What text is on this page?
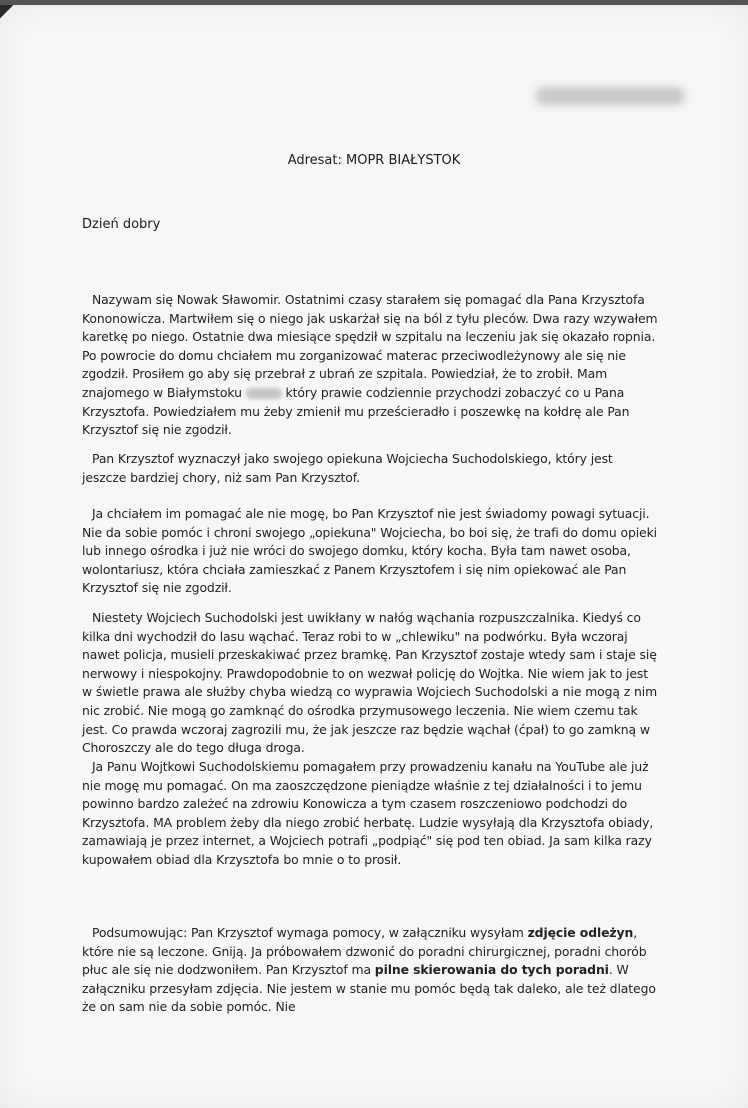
Adresat: MOPR BIAŁYSTOK
Dzień dobry
Nazywam się Nowak Sławomir. Ostatnimi czasy starałem się pomagać dla Pana Krzysztofa Kononowicza. Martwiłem się o niego jak uskarżał się na ból z tyłu pleców. Dwa razy wzywałem karetkę po niego. Ostatnie dwa miesiące spędził w szpitalu na leczeniu jak się okazało ropnia. Po powrocie do domu chciałem mu zorganizować materac przeciwodleżynowy ale się nie zgodził. Prosiłem go aby się przebrał z ubrań ze szpitala. Powiedział, że to zrobił. Mam znajomego w Białymstoku	który prawie codziennie przychodzi zobaczyć co u Pana Krzysztofa. Powiedziałem mu żeby zmienił mu prześcieradło i poszewkę na kołdrę ale Pan Krzysztof się nie zgodził.
Pan Krzysztof wyznaczył jako swojego opiekuna Wojciecha Suchodolskiego, który jest jeszcze bardziej chory, niż sam Pan Krzysztof.
Ja chciałem im pomagać ale nie mogę, bo Pan Krzysztof nie jest świadomy powagi sytuacji. Nie da sobie pomóc i chroni swojego „opiekuna" Wojciecha, bo boi się, że trafi do domu opieki lub innego ośrodka i już nie wróci do swojego domku, który kocha. Była tam nawet osoba, wolontariusz, która chciała zamieszkać z Panem Krzysztofem i się nim opiekować ale Pan Krzysztof się nie zgodził.
Niestety Wojciech Suchodolski jest uwikłany w nałóg wąchania rozpuszczalnika. Kiedyś co kilka dni wychodził do lasu wąchać. Teraz robi to w „chlewiku" na podwórku. Była wczoraj nawet policja, musieli przeskakiwać przez bramkę. Pan Krzysztof zostaje wtedy sam i staje się nerwowy i niespokojny. Prawdopodobnie to on wezwał policję do Wojtka. Nie wiem jak to jest w świetle prawa ale służby chyba wiedzą co wyprawia Wojciech Suchodolski a nie mogą z nim nic zrobić. Nie mogą go zamknąć do ośrodka przymusowego leczenia. Nie wiem czemu tak jest. Co prawda wczoraj zagrozili mu, że jak jeszcze raz będzie wąchał (ćpał) to go zamkną w Choroszczy ale do tego długa droga.
Ja Panu Wojtkowi Suchodolskiemu pomagałem przy prowadzeniu kanału na YouTube ale już nie mogę mu pomagać. On ma zaoszczędzone pieniądze właśnie z tej działalności i to jemu powinno bardzo zależeć na zdrowiu Konowicza a tym czasem roszczeniowo podchodzi do Krzysztofa. MA problem żeby dla niego zrobić herbatę. Ludzie wysyłają dla Krzysztofa obiady, zamawiają je przez internet, a Wojciech potrafi „podpiąć" się pod ten obiad. Ja sam kilka razy kupowałem obiad dla Krzysztofa bo mnie o to prosił.
Podsumowując: Pan Krzysztof wymaga pomocy, w załączniku wysyłam zdjęcie odleżyn, które nie są leczone. Gniją. Ja próbowałem dzwonić do poradni chirurgicznej, poradni chorób płuc ale się nie dodzwoniłem. Pan Krzysztof ma pilne skierowania do tych poradni. W załączniku przesyłam zdjęcia. Nie jestem w stanie mu pomóc będą tak daleko, ale też dlatego że on sam nie da sobie pomóc. Nie
